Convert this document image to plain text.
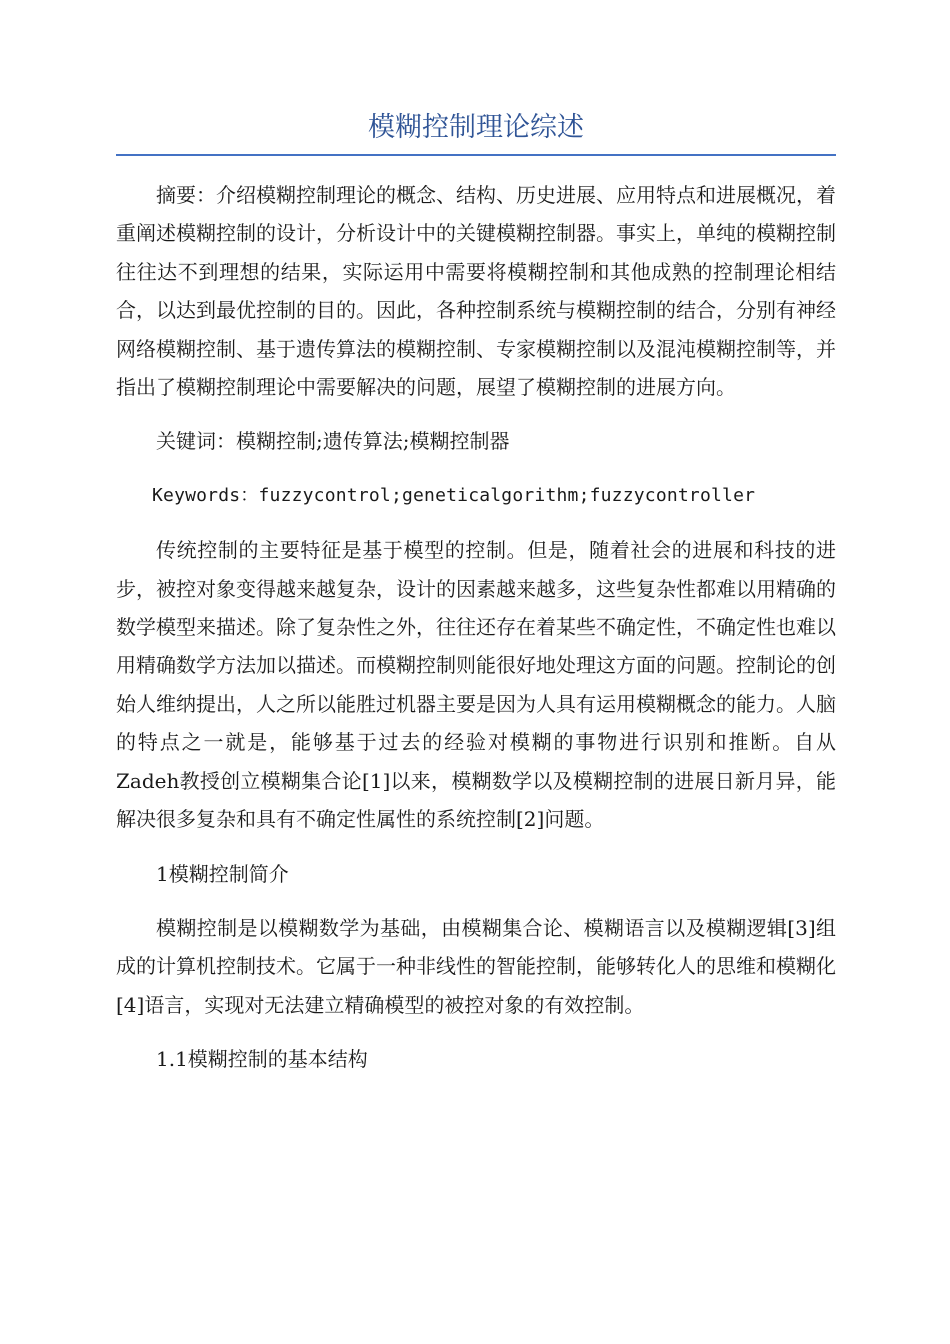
模糊控制理论综述

摘要：介绍模糊控制理论的概念、结构、历史进展、应用特点和进展概况，着重阐述模糊控制的设计，分析设计中的关键模糊控制器。事实上，单纯的模糊控制往往达不到理想的结果，实际运用中需要将模糊控制和其他成熟的控制理论相结合，以达到最优控制的目的。因此，各种控制系统与模糊控制的结合，分别有神经网络模糊控制、基于遗传算法的模糊控制、专家模糊控制以及混沌模糊控制等，并指出了模糊控制理论中需要解决的问题，展望了模糊控制的进展方向。

关键词：模糊控制;遗传算法;模糊控制器

Keywords：fuzzycontrol;geneticalgorithm;fuzzycontroller

传统控制的主要特征是基于模型的控制。但是，随着社会的进展和科技的进步，被控对象变得越来越复杂，设计的因素越来越多，这些复杂性都难以用精确的数学模型来描述。除了复杂性之外，往往还存在着某些不确定性，不确定性也难以用精确数学方法加以描述。而模糊控制则能很好地处理这方面的问题。控制论的创始人维纳提出，人之所以能胜过机器主要是因为人具有运用模糊概念的能力。人脑的特点之一就是，能够基于过去的经验对模糊的事物进行识别和推断。自从Zadeh教授创立模糊集合论[1]以来，模糊数学以及模糊控制的进展日新月异，能解决很多复杂和具有不确定性属性的系统控制[2]问题。

1模糊控制简介

模糊控制是以模糊数学为基础，由模糊集合论、模糊语言以及模糊逻辑[3]组成的计算机控制技术。它属于一种非线性的智能控制，能够转化人的思维和模糊化[4]语言，实现对无法建立精确模型的被控对象的有效控制。

1.1模糊控制的基本结构
